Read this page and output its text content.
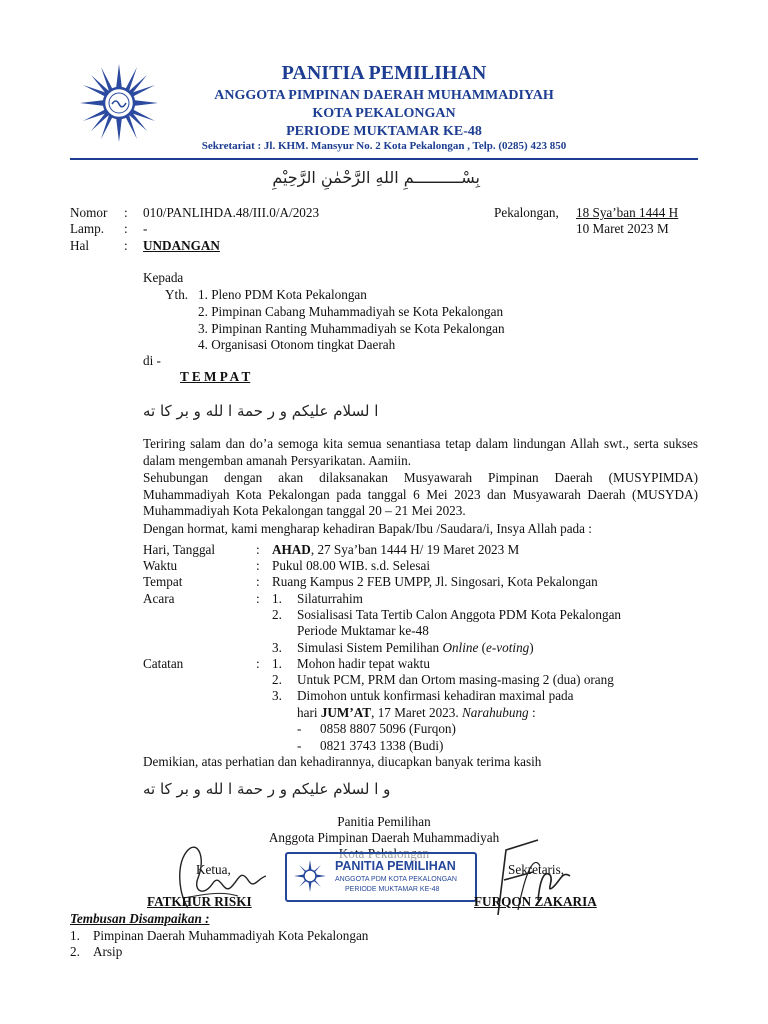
PANITIA PEMILIHAN
ANGGOTA PIMPINAN DAERAH MUHAMMADIYAH
KOTA PEKALONGAN
PERIODE MUKTAMAR KE-48
Sekretariat : Jl. KHM. Mansyur No. 2 Kota Pekalongan , Telp. (0285) 423 850
بِسْــــــــــمِ اللهِ الرَّحْمٰنِ الرَّحِيْمِ
Nomor : 010/PANLIHDA.48/III.0/A/2023
Lamp. : -
Hal	: UNDANGAN
Pekalongan, 18 Sya’ban 1444 H
10 Maret 2023 M
Kepada
Yth. 1. Pleno PDM Kota Pekalongan
2. Pimpinan Cabang Muhammadiyah se Kota Pekalongan
3. Pimpinan Ranting Muhammadiyah se Kota Pekalongan
4. Organisasi Otonom tingkat Daerah
di -
T E M P A T
ا لسلام عليكم و ر حمة ا لله و بر كا ته
Teriring salam dan do’a semoga kita semua senantiasa tetap dalam lindungan Allah swt., serta sukses dalam mengemban amanah Persyarikatan. Aamiin.
Sehubungan dengan akan dilaksanakan Musyawarah Pimpinan Daerah (MUSYPIMDA) Muhammadiyah Kota Pekalongan pada tanggal 6 Mei 2023 dan Musyawarah Daerah (MUSYDA) Muhammadiyah Kota Pekalongan tanggal 20 – 21 Mei 2023.
Dengan hormat, kami mengharap kehadiran Bapak/Ibu /Saudara/i, Insya Allah pada :
Hari, Tanggal	: AHAD, 27 Sya’ban 1444 H/ 19 Maret 2023 M
Waktu	: Pukul 08.00 WIB. s.d. Selesai
Tempat	: Ruang Kampus 2 FEB UMPP, Jl. Singosari, Kota Pekalongan
Acara	: 1. Silaturrahim
2. Sosialisasi Tata Tertib Calon Anggota PDM Kota Pekalongan
Periode Muktamar ke-48
3. Simulasi Sistem Pemilihan Online (e-voting)
Catatan	: 1. Mohon hadir tepat waktu
2. Untuk PCM, PRM dan Ortom masing-masing 2 (dua) orang
3. Dimohon untuk konfirmasi kehadiran maximal pada
hari JUM’AT, 17 Maret 2023. Narahubung :
- 0858 8807 5096 (Furqon)
- 0821 3743 1338 (Budi)
Demikian, atas perhatian dan kehadirannya, diucapkan banyak terima kasih
و ا لسلام عليكم و ر حمة ا لله و بر كا ته
Panitia Pemilihan
Anggota Pimpinan Daerah Muhammadiyah
Ketua,	Sekretaris,
PANITIA PEMILIHAN
ANGGOTA PDM KOTA PEKALONGAN
PERIODE MUKTAMAR KE-48
FATKHUR RISKI	FURQON ZAKARIA
Tembusan Disampaikan :
1. Pimpinan Daerah Muhammadiyah Kota Pekalongan
2. Arsip
